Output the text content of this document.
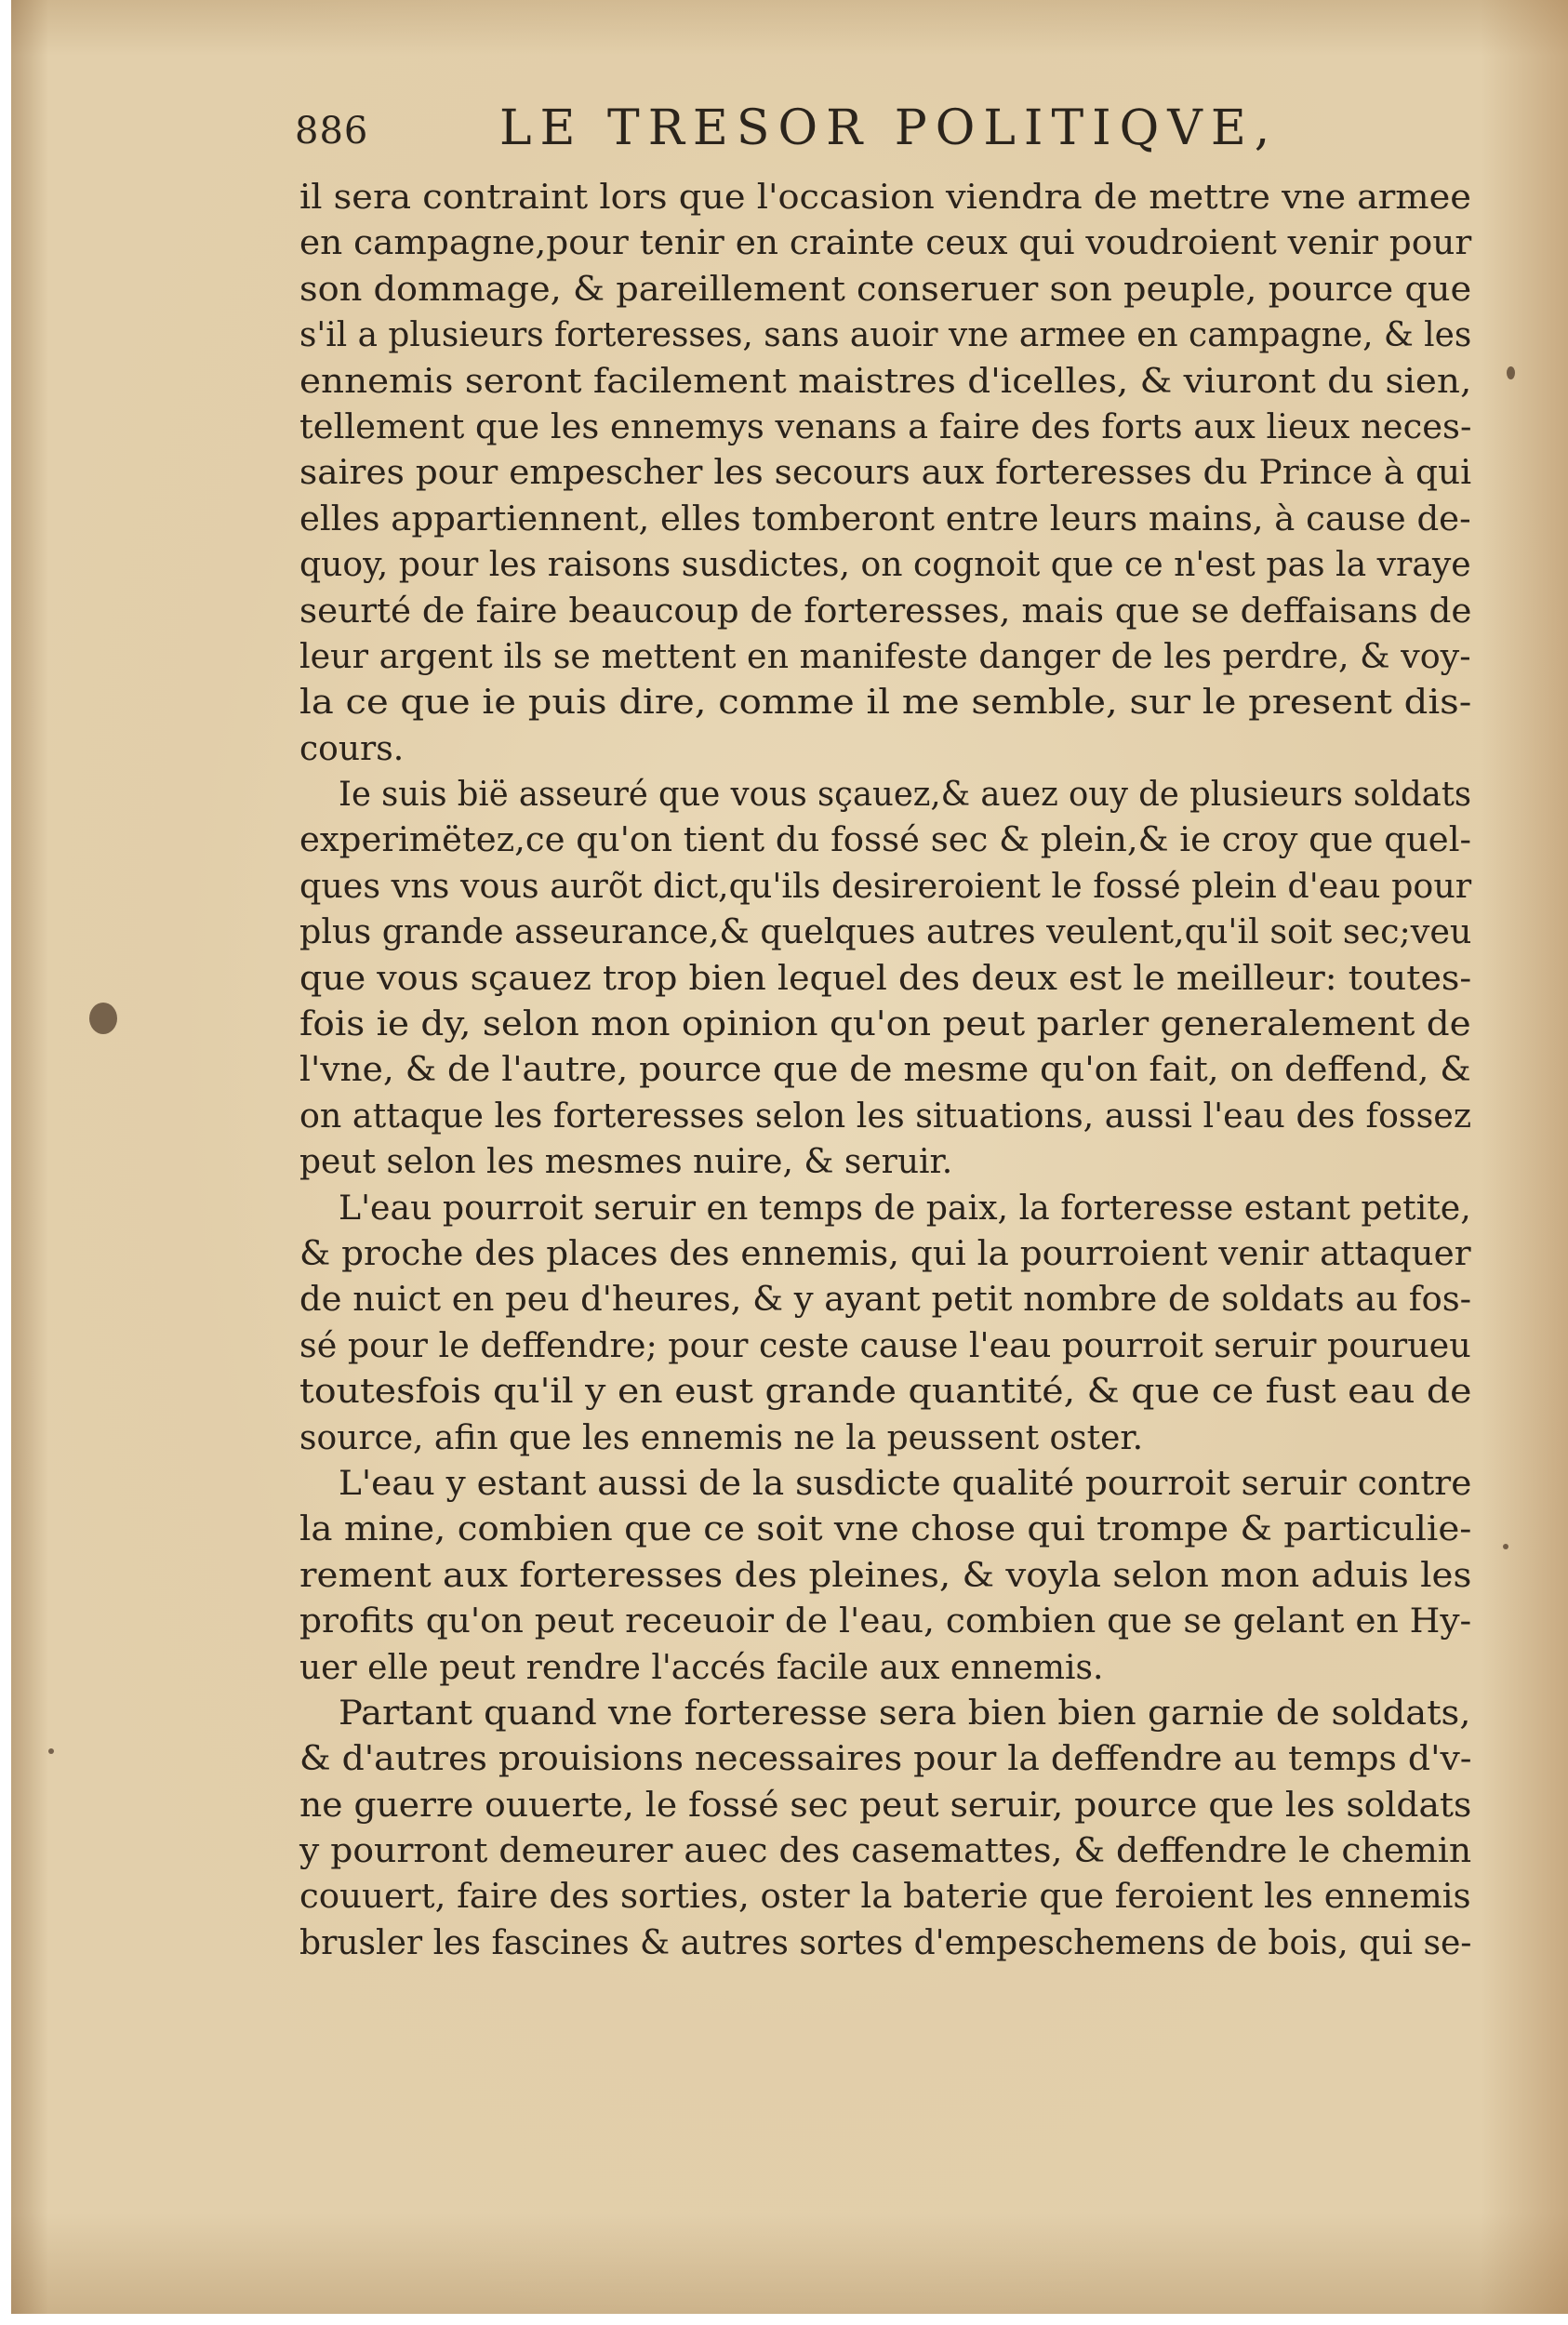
886	LE TRESOR POLITIQVE,
il sera contraint lors que l'occasion viendra de mettre vne armee
en campagne,pour tenir en crainte ceux qui voudroient venir pour
son dommage, & pareillement conseruer son peuple, pource que
s'il a plusieurs forteresses, sans auoir vne armee en campagne, & les
ennemis seront facilement maistres d'icelles, & viuront du sien,
tellement que les ennemys venans a faire des forts aux lieux neces-
saires pour empescher les secours aux forteresses du Prince à qui
elles appartiennent, elles tomberont entre leurs mains, à cause de-
quoy, pour les raisons susdictes, on cognoit que ce n'est pas la vraye
seurté de faire beaucoup de forteresses, mais que se deffaisans de
leur argent ils se mettent en manifeste danger de les perdre, & voy-
la ce que ie puis dire, comme il me semble, sur le present dis-
cours.
Ie suis bië asseuré que vous sçauez,& auez ouy de plusieurs soldats
experimëtez,ce qu'on tient du fossé sec & plein,& ie croy que quel-
ques vns vous aurõt dict,qu'ils desireroient le fossé plein d'eau pour
plus grande asseurance,& quelques autres veulent,qu'il soit sec;veu
que vous sçauez trop bien lequel des deux est le meilleur: toutes-
fois ie dy, selon mon opinion qu'on peut parler generalement de
l'vne, & de l'autre, pource que de mesme qu'on fait, on deffend, &
on attaque les forteresses selon les situations, aussi l'eau des fossez
peut selon les mesmes nuire, & seruir.
L'eau pourroit seruir en temps de paix, la forteresse estant petite,
& proche des places des ennemis, qui la pourroient venir attaquer
de nuict en peu d'heures, & y ayant petit nombre de soldats au fos-
sé pour le deffendre; pour ceste cause l'eau pourroit seruir pourueu
toutesfois qu'il y en eust grande quantité, & que ce fust eau de
source, afin que les ennemis ne la peussent oster.
L'eau y estant aussi de la susdicte qualité pourroit seruir contre
la mine, combien que ce soit vne chose qui trompe & particulie-
rement aux forteresses des pleines, & voyla selon mon aduis les
profits qu'on peut receuoir de l'eau, combien que se gelant en Hy-
uer elle peut rendre l'accés facile aux ennemis.
Partant quand vne forteresse sera bien bien garnie de soldats,
& d'autres prouisions necessaires pour la deffendre au temps d'v-
ne guerre ouuerte, le fossé sec peut seruir, pource que les soldats
y pourront demeurer auec des casemattes, & deffendre le chemin
couuert, faire des sorties, oster la baterie que feroient les ennemis
brusler les fascines & autres sortes d'empeschemens de bois, qui se-
